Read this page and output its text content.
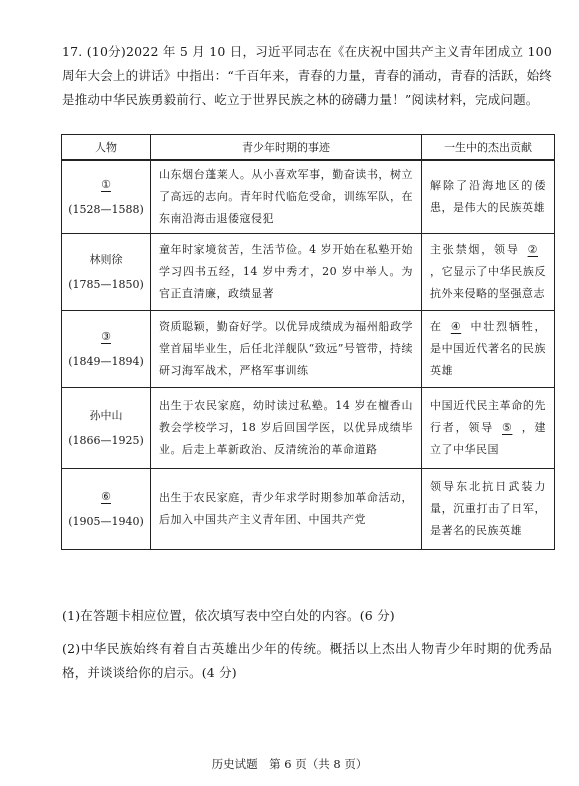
17. (10分)2022 年 5 月 10 日，习近平同志在《在庆祝中国共产主义青年团成立 100 周年大会上的讲话》中指出：“千百年来，青春的力量，青春的涌动，青春的活跃，始终是推动中华民族勇毅前行、屹立于世界民族之林的磅礴力量！”阅读材料，完成问题。

人物	青少年时期的事迹	一生中的杰出贡献
①
(1528—1588)	山东烟台蓬莱人。从小喜欢军事，勤奋读书，树立了高远的志向。青年时代临危受命，训练军队，在东南沿海击退倭寇侵犯	解除了沿海地区的倭患，是伟大的民族英雄
林则徐
(1785—1850)	童年时家境贫苦，生活节俭。4 岁开始在私塾开始学习四书五经，14 岁中秀才，20 岁中举人。为官正直清廉，政绩显著	主张禁烟，领导 ②，它显示了中华民族反抗外来侵略的坚强意志
③
(1849—1894)	资质聪颖，勤奋好学。以优异成绩成为福州船政学堂首届毕业生，后任北洋舰队“致远”号管带，持续研习海军战术，严格军事训练	在 ④ 中壮烈牺牲，是中国近代著名的民族英雄
孙中山
(1866—1925)	出生于农民家庭，幼时读过私塾。14 岁在檀香山教会学校学习，18 岁后回国学医，以优异成绩毕业。后走上革新政治、反清统治的革命道路	中国近代民主革命的先行者，领导 ⑤ ，建立了中华民国
⑥
(1905—1940)	出生于农民家庭，青少年求学时期参加革命活动，后加入中国共产主义青年团、中国共产党	领导东北抗日武装力量，沉重打击了日军，是著名的民族英雄

(1)在答题卡相应位置，依次填写表中空白处的内容。(6 分)

(2)中华民族始终有着自古英雄出少年的传统。概括以上杰出人物青少年时期的优秀品格，并谈谈给你的启示。(4 分)

历史试题　第 6 页（共 8 页）
